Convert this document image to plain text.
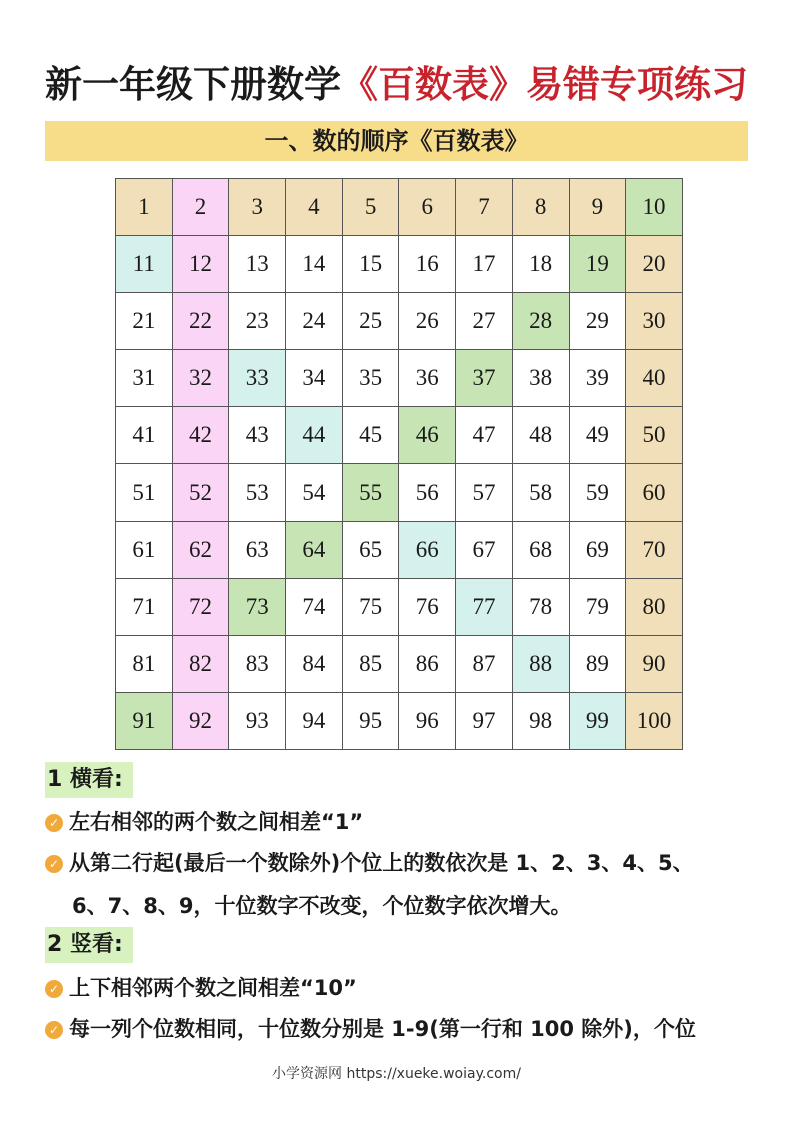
新一年级下册数学《百数表》易错专项练习
一、数的顺序《百数表》
1	2	3	4	5	6	7	8	9	10
11	12	13	14	15	16	17	18	19	20
21	22	23	24	25	26	27	28	29	30
31	32	33	34	35	36	37	38	39	40
41	42	43	44	45	46	47	48	49	50
51	52	53	54	55	56	57	58	59	60
61	62	63	64	65	66	67	68	69	70
71	72	73	74	75	76	77	78	79	80
81	82	83	84	85	86	87	88	89	90
91	92	93	94	95	96	97	98	99	100
1 横看:
✓ 左右相邻的两个数之间相差“1”
✓ 从第二行起(最后一个数除外)个位上的数依次是 1、2、3、4、5、
6、7、8、9，十位数字不改变，个位数字依次增大。
2 竖看:
✓ 上下相邻两个数之间相差“10”
✓ 每一列个位数相同，十位数分别是 1-9(第一行和 100 除外)，个位
小学资源网 https://xueke.woiay.com/
